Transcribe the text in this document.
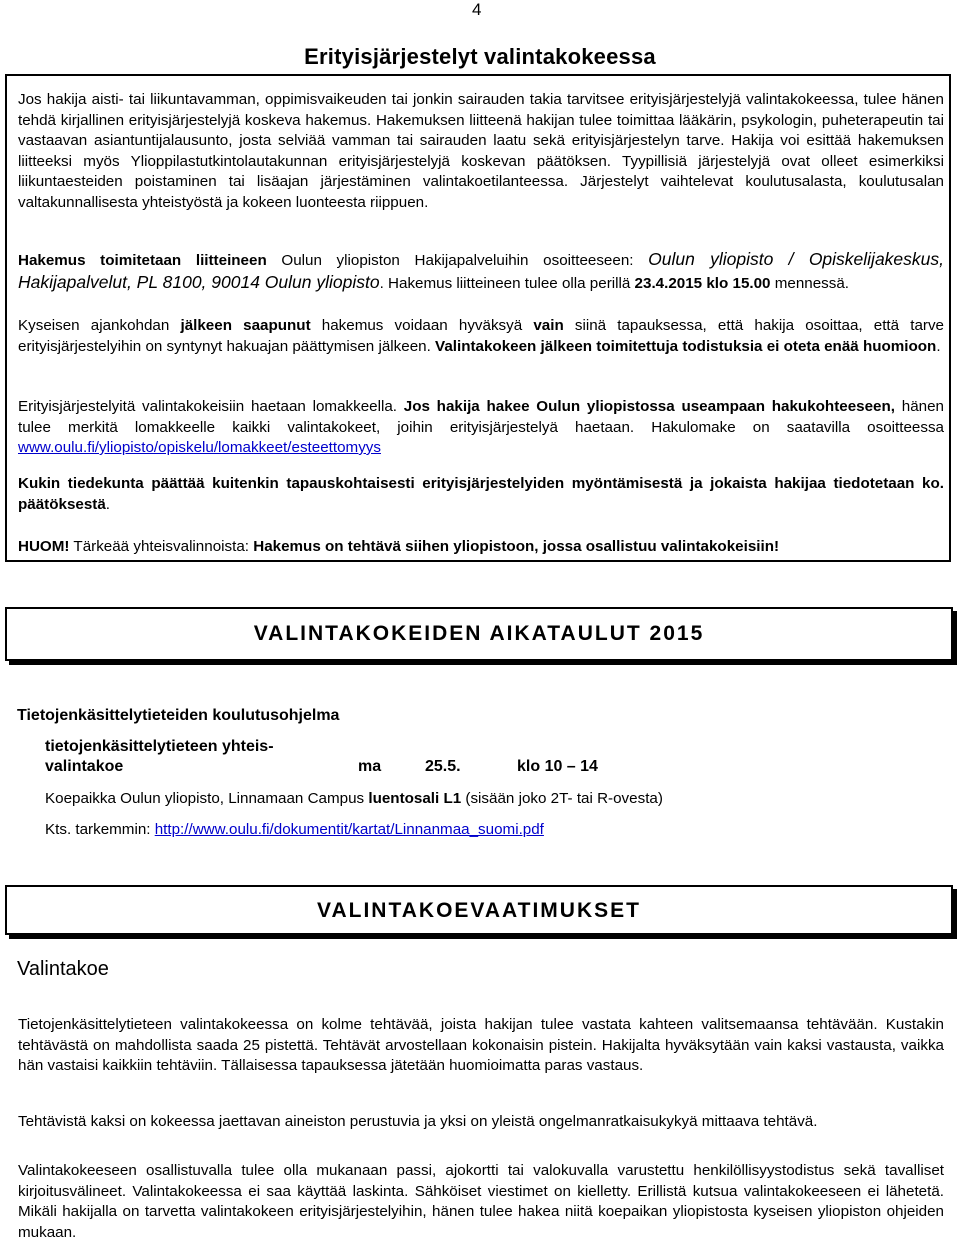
4
Erityisjärjestelyt valintakokeessa
Jos hakija aisti- tai liikuntavamman, oppimisvaikeuden tai jonkin sairauden takia tarvitsee erityisjärjestelyjä valintakokeessa, tulee hänen tehdä kirjallinen erityisjärjestelyjä koskeva hakemus. Hakemuksen liitteenä hakijan tulee toimittaa lääkärin, psykologin, puheterapeutin tai vastaavan asiantuntijalausunto, josta selviää vamman tai sairauden laatu sekä erityisjärjestelyn tarve. Hakija voi esittää hakemuksen liitteeksi myös Ylioppilastutkintolautakunnan erityisjärjestelyjä koskevan päätöksen. Tyypillisiä järjestelyjä ovat olleet esimerkiksi liikuntaesteiden poistaminen tai lisäajan järjestäminen valintakoetilanteessa. Järjestelyt vaihtelevat koulutusalasta, koulutusalan valtakunnallisesta yhteistyöstä ja kokeen luonteesta riippuen.
Hakemus toimitetaan liitteineen Oulun yliopiston Hakijapalveluihin osoitteeseen: Oulun yliopisto / Opiskelijakeskus, Hakijapalvelut, PL 8100, 90014 Oulun yliopisto. Hakemus liitteineen tulee olla perillä 23.4.2015 klo 15.00 mennessä.
Kyseisen ajankohdan jälkeen saapunut hakemus voidaan hyväksyä vain siinä tapauksessa, että hakija osoittaa, että tarve erityisjärjestelyihin on syntynyt hakuajan päättymisen jälkeen. Valintakokeen jälkeen toimitettuja todistuksia ei oteta enää huomioon.
Erityisjärjestelyitä valintakokeisiin haetaan lomakkeella. Jos hakija hakee Oulun yliopistossa useampaan hakukohteeseen, hänen tulee merkitä lomakkeelle kaikki valintakokeet, joihin erityisjärjestelyä haetaan. Hakulomake on saatavilla osoitteessa www.oulu.fi/yliopisto/opiskelu/lomakkeet/esteettomyys
Kukin tiedekunta päättää kuitenkin tapauskohtaisesti erityisjärjestelyiden myöntämisestä ja jokaista hakijaa tiedotetaan ko. päätöksestä.
HUOM! Tärkeää yhteisvalinnoista: Hakemus on tehtävä siihen yliopistoon, jossa osallistuu valintakokeisiin!
VALINTAKOKEIDEN AIKATAULUT 2015
Tietojenkäsittelytieteiden koulutusohjelma
tietojenkäsittelytieteen yhteis-
valintakoe	ma	25.5.	klo 10 – 14
Koepaikka Oulun yliopisto, Linnamaan Campus luentosali L1 (sisään joko 2T- tai R-ovesta)
Kts. tarkemmin: http://www.oulu.fi/dokumentit/kartat/Linnanmaa_suomi.pdf
VALINTAKOEVAATIMUKSET
Valintakoe
Tietojenkäsittelytieteen valintakokeessa on kolme tehtävää, joista hakijan tulee vastata kahteen valitsemaansa tehtävään. Kustakin tehtävästä on mahdollista saada 25 pistettä. Tehtävät arvostellaan kokonaisin pistein. Hakijalta hyväksytään vain kaksi vastausta, vaikka hän vastaisi kaikkiin tehtäviin. Tällaisessa tapauksessa jätetään huomioimatta paras vastaus.
Tehtävistä kaksi on kokeessa jaettavan aineiston perustuvia ja yksi on yleistä ongelmanratkaisukykyä mittaava tehtävä.
Valintakokeeseen osallistuvalla tulee olla mukanaan passi, ajokortti tai valokuvalla varustettu henkilöllisyystodistus sekä tavalliset kirjoitusvälineet. Valintakokeessa ei saa käyttää laskinta. Sähköiset viestimet on kielletty. Erillistä kutsua valintakokeeseen ei lähetetä. Mikäli hakijalla on tarvetta valintakokeen erityisjärjestelyihin, hänen tulee hakea niitä koepaikan yliopistosta kyseisen yliopiston ohjeiden mukaan.
